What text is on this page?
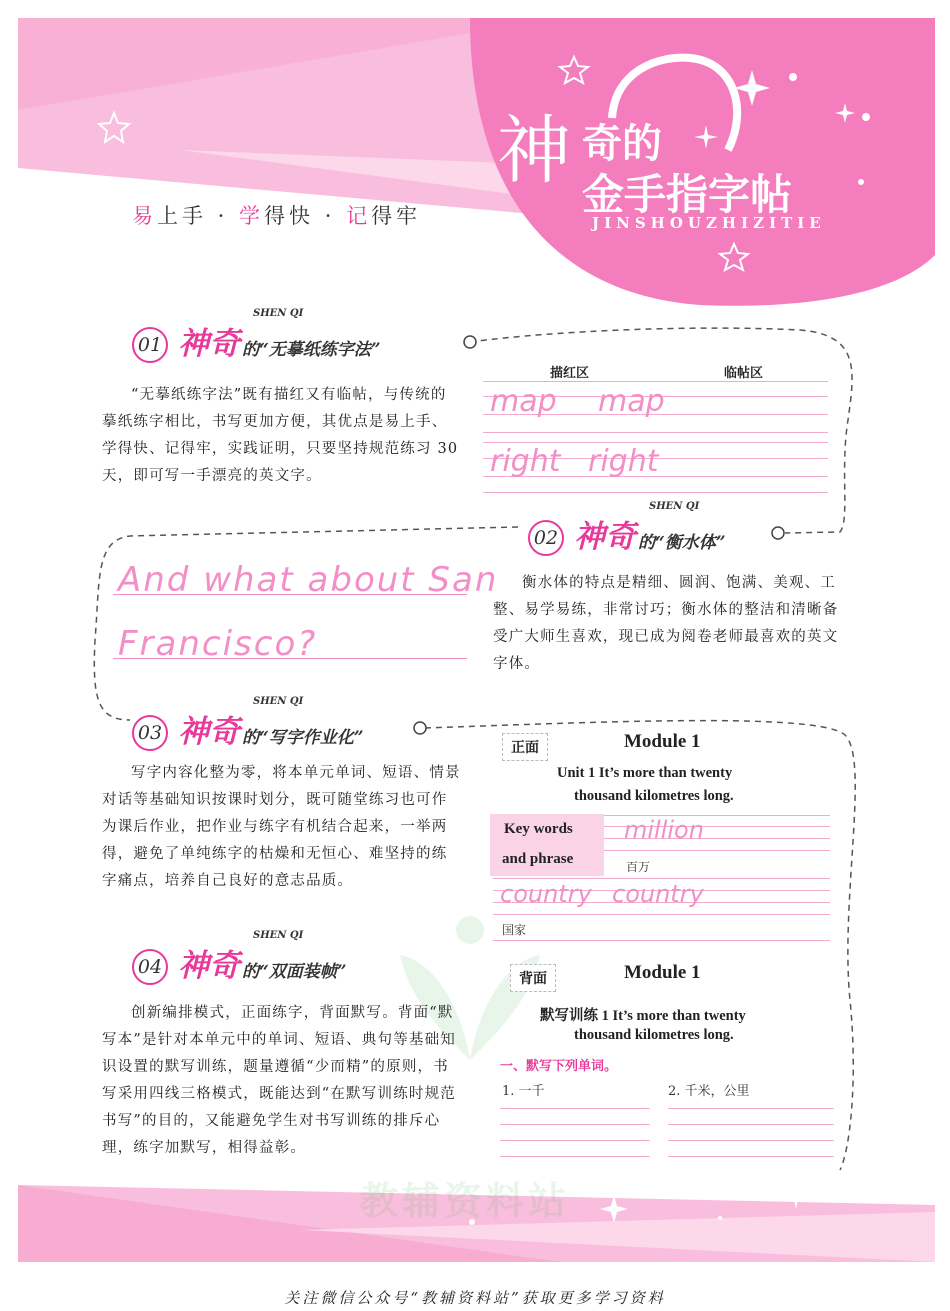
易上手 · 学得快 · 记得牢
神 奇的
金手指字帖
JINSHOUZHIZITIE
01 神奇
SHEN QI
的“无摹纸练字法”
“无摹纸练字法”既有描红又有临帖，与传统的摹纸练字相比，书写更加方便，其优点是易上手、学得快、记得牢，实践证明，只要坚持规范练习 30 天，即可写一手漂亮的英文字。
描红区	临帖区
map map
right right
02 神奇
SHEN QI
的“衡水体”
衡水体的特点是精细、圆润、饱满、美观、工整、易学易练，非常讨巧；衡水体的整洁和清晰备受广大师生喜欢，现已成为阅卷老师最喜欢的英文字体。
And what about San
Francisco?
03 神奇
SHEN QI
的“写字作业化”
写字内容化整为零，将本单元单词、短语、情景对话等基础知识按课时划分，既可随堂练习也可作为课后作业，把作业与练字有机结合起来，一举两得，避免了单纯练字的枯燥和无恒心、难坚持的练字痛点，培养自己良好的意志品质。
正面	Module 1
Unit 1 It’s more than twenty
thousand kilometres long.
Key words
and phrase
million
百万
country country
国家
04 神奇
SHEN QI
的“双面装帧”
创新编排模式，正面练字，背面默写。背面“默写本”是针对本单元中的单词、短语、典句等基础知识设置的默写训练，题量遵循“少而精”的原则，书写采用四线三格模式，既能达到“在默写训练时规范书写”的目的，又能避免学生对书写训练的排斥心理，练字加默写，相得益彰。
背面	Module 1
默写训练 1 It’s more than twenty
thousand kilometres long.
一、默写下列单词。
1. 一千	2. 千米，公里
教辅资料站
关注微信公众号“教辅资料站”获取更多学习资料
